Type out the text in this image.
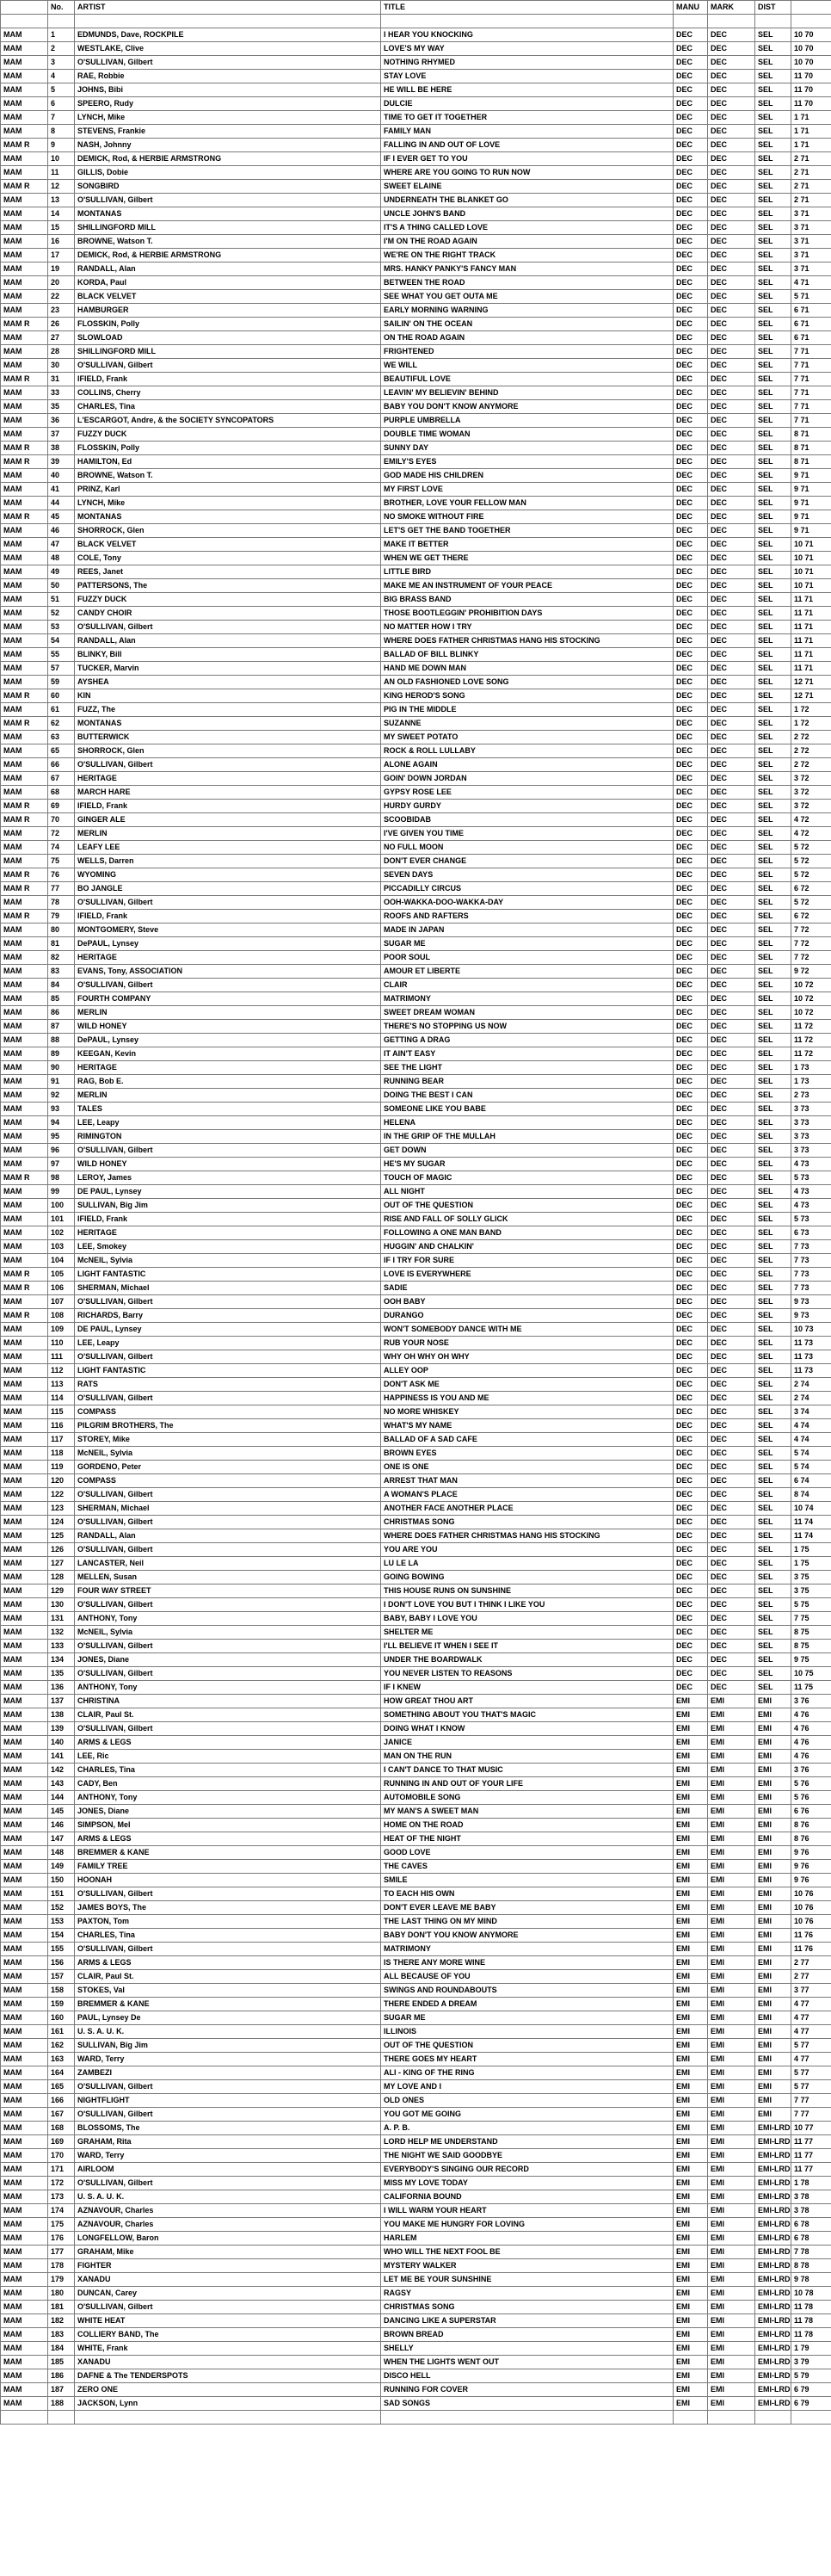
	No.	ARTIST	TITLE	MANU	MARK	DIST	

MAM	1	EDMUNDS, Dave, ROCKPILE	I HEAR YOU KNOCKING	DEC	DEC	SEL	10 70
MAM	2	WESTLAKE, Clive	LOVE'S MY WAY	DEC	DEC	SEL	10 70
MAM	3	O'SULLIVAN, Gilbert	NOTHING RHYMED	DEC	DEC	SEL	10 70
MAM	4	RAE, Robbie	STAY LOVE	DEC	DEC	SEL	11 70
MAM	5	JOHNS, Bibi	HE WILL BE HERE	DEC	DEC	SEL	11 70
MAM	6	SPEERO, Rudy	DULCIE	DEC	DEC	SEL	11 70
MAM	7	LYNCH, Mike	TIME TO GET IT TOGETHER	DEC	DEC	SEL	1 71
MAM	8	STEVENS, Frankie	FAMILY MAN	DEC	DEC	SEL	1 71
MAM R	9	NASH, Johnny	FALLING IN AND OUT OF LOVE	DEC	DEC	SEL	1 71
MAM	10	DEMICK, Rod, & HERBIE ARMSTRONG	IF I EVER GET TO YOU	DEC	DEC	SEL	2 71
MAM	11	GILLIS, Dobie	WHERE ARE YOU GOING TO RUN NOW	DEC	DEC	SEL	2 71
MAM R	12	SONGBIRD	SWEET ELAINE	DEC	DEC	SEL	2 71
MAM	13	O'SULLIVAN, Gilbert	UNDERNEATH THE BLANKET GO	DEC	DEC	SEL	2 71
MAM	14	MONTANAS	UNCLE JOHN'S BAND	DEC	DEC	SEL	3 71
MAM	15	SHILLINGFORD MILL	IT'S A THING CALLED LOVE	DEC	DEC	SEL	3 71
MAM	16	BROWNE, Watson T.	I'M ON THE ROAD AGAIN	DEC	DEC	SEL	3 71
MAM	17	DEMICK, Rod, & HERBIE ARMSTRONG	WE'RE ON THE RIGHT TRACK	DEC	DEC	SEL	3 71
MAM	19	RANDALL, Alan	MRS. HANKY PANKY'S FANCY MAN	DEC	DEC	SEL	3 71
MAM	20	KORDA, Paul	BETWEEN THE ROAD	DEC	DEC	SEL	4 71
MAM	22	BLACK VELVET	SEE WHAT YOU GET OUTA ME	DEC	DEC	SEL	5 71
MAM	23	HAMBURGER	EARLY MORNING WARNING	DEC	DEC	SEL	6 71
MAM R	26	FLOSSKIN, Polly	SAILIN' ON THE OCEAN	DEC	DEC	SEL	6 71
MAM	27	SLOWLOAD	ON THE ROAD AGAIN	DEC	DEC	SEL	6 71
MAM	28	SHILLINGFORD MILL	FRIGHTENED	DEC	DEC	SEL	7 71
MAM	30	O'SULLIVAN, Gilbert	WE WILL	DEC	DEC	SEL	7 71
MAM R	31	IFIELD, Frank	BEAUTIFUL LOVE	DEC	DEC	SEL	7 71
MAM	33	COLLINS, Cherry	LEAVIN' MY BELIEVIN' BEHIND	DEC	DEC	SEL	7 71
MAM	35	CHARLES, Tina	BABY YOU DON'T KNOW ANYMORE	DEC	DEC	SEL	7 71
MAM	36	L'ESCARGOT, Andre, & the SOCIETY SYNCOPATORS	PURPLE UMBRELLA	DEC	DEC	SEL	7 71
MAM	37	FUZZY DUCK	DOUBLE TIME WOMAN	DEC	DEC	SEL	8 71
MAM R	38	FLOSSKIN, Polly	SUNNY DAY	DEC	DEC	SEL	8 71
MAM R	39	HAMILTON, Ed	EMILY'S EYES	DEC	DEC	SEL	8 71
MAM	40	BROWNE, Watson T.	GOD MADE HIS CHILDREN	DEC	DEC	SEL	9 71
MAM	41	PRINZ, Karl	MY FIRST LOVE	DEC	DEC	SEL	9 71
MAM	44	LYNCH, Mike	BROTHER, LOVE YOUR FELLOW MAN	DEC	DEC	SEL	9 71
MAM R	45	MONTANAS	NO SMOKE WITHOUT FIRE	DEC	DEC	SEL	9 71
MAM	46	SHORROCK, Glen	LET'S GET THE BAND TOGETHER	DEC	DEC	SEL	9 71
MAM	47	BLACK VELVET	MAKE IT BETTER	DEC	DEC	SEL	10 71
MAM	48	COLE, Tony	WHEN WE GET THERE	DEC	DEC	SEL	10 71
MAM	49	REES, Janet	LITTLE BIRD	DEC	DEC	SEL	10 71
MAM	50	PATTERSONS, The	MAKE ME AN INSTRUMENT OF YOUR PEACE	DEC	DEC	SEL	10 71
MAM	51	FUZZY DUCK	BIG BRASS BAND	DEC	DEC	SEL	11 71
MAM	52	CANDY CHOIR	THOSE BOOTLEGGIN' PROHIBITION DAYS	DEC	DEC	SEL	11 71
MAM	53	O'SULLIVAN, Gilbert	NO MATTER HOW I TRY	DEC	DEC	SEL	11 71
MAM	54	RANDALL, Alan	WHERE DOES FATHER CHRISTMAS HANG HIS STOCKING	DEC	DEC	SEL	11 71
MAM	55	BLINKY, Bill	BALLAD OF BILL BLINKY	DEC	DEC	SEL	11 71
MAM	57	TUCKER, Marvin	HAND ME DOWN MAN	DEC	DEC	SEL	11 71
MAM	59	AYSHEA	AN OLD FASHIONED LOVE SONG	DEC	DEC	SEL	12 71
MAM R	60	KIN	KING HEROD'S SONG	DEC	DEC	SEL	12 71
MAM	61	FUZZ, The	PIG IN THE MIDDLE	DEC	DEC	SEL	1 72
MAM R	62	MONTANAS	SUZANNE	DEC	DEC	SEL	1 72
MAM	63	BUTTERWICK	MY SWEET POTATO	DEC	DEC	SEL	2 72
MAM	65	SHORROCK, Glen	ROCK & ROLL LULLABY	DEC	DEC	SEL	2 72
MAM	66	O'SULLIVAN, Gilbert	ALONE AGAIN	DEC	DEC	SEL	2 72
MAM	67	HERITAGE	GOIN' DOWN JORDAN	DEC	DEC	SEL	3 72
MAM	68	MARCH HARE	GYPSY ROSE LEE	DEC	DEC	SEL	3 72
MAM R	69	IFIELD, Frank	HURDY GURDY	DEC	DEC	SEL	3 72
MAM R	70	GINGER ALE	SCOOBIDAB	DEC	DEC	SEL	4 72
MAM	72	MERLIN	I'VE GIVEN YOU TIME	DEC	DEC	SEL	4 72
MAM	74	LEAFY LEE	NO FULL MOON	DEC	DEC	SEL	5 72
MAM	75	WELLS, Darren	DON'T EVER CHANGE	DEC	DEC	SEL	5 72
MAM R	76	WYOMING	SEVEN DAYS	DEC	DEC	SEL	5 72
MAM R	77	BO JANGLE	PICCADILLY CIRCUS	DEC	DEC	SEL	6 72
MAM	78	O'SULLIVAN, Gilbert	OOH-WAKKA-DOO-WAKKA-DAY	DEC	DEC	SEL	5 72
MAM R	79	IFIELD, Frank	ROOFS AND RAFTERS	DEC	DEC	SEL	6 72
MAM	80	MONTGOMERY, Steve	MADE IN JAPAN	DEC	DEC	SEL	7 72
MAM	81	DePAUL, Lynsey	SUGAR ME	DEC	DEC	SEL	7 72
MAM	82	HERITAGE	POOR SOUL	DEC	DEC	SEL	7 72
MAM	83	EVANS, Tony, ASSOCIATION	AMOUR ET LIBERTE	DEC	DEC	SEL	9 72
MAM	84	O'SULLIVAN, Gilbert	CLAIR	DEC	DEC	SEL	10 72
MAM	85	FOURTH COMPANY	MATRIMONY	DEC	DEC	SEL	10 72
MAM	86	MERLIN	SWEET DREAM WOMAN	DEC	DEC	SEL	10 72
MAM	87	WILD HONEY	THERE'S NO STOPPING US NOW	DEC	DEC	SEL	11 72
MAM	88	DePAUL, Lynsey	GETTING A DRAG	DEC	DEC	SEL	11 72
MAM	89	KEEGAN, Kevin	IT AIN'T EASY	DEC	DEC	SEL	11 72
MAM	90	HERITAGE	SEE THE LIGHT	DEC	DEC	SEL	1 73
MAM	91	RAG, Bob E.	RUNNING BEAR	DEC	DEC	SEL	1 73
MAM	92	MERLIN	DOING THE BEST I CAN	DEC	DEC	SEL	2 73
MAM	93	TALES	SOMEONE LIKE YOU BABE	DEC	DEC	SEL	3 73
MAM	94	LEE, Leapy	HELENA	DEC	DEC	SEL	3 73
MAM	95	RIMINGTON	IN THE GRIP OF THE MULLAH	DEC	DEC	SEL	3 73
MAM	96	O'SULLIVAN, Gilbert	GET DOWN	DEC	DEC	SEL	3 73
MAM	97	WILD HONEY	HE'S MY SUGAR	DEC	DEC	SEL	4 73
MAM R	98	LEROY, James	TOUCH OF MAGIC	DEC	DEC	SEL	5 73
MAM	99	DE PAUL, Lynsey	ALL NIGHT	DEC	DEC	SEL	4 73
MAM	100	SULLIVAN, Big Jim	OUT OF THE QUESTION	DEC	DEC	SEL	4 73
MAM	101	IFIELD, Frank	RISE AND FALL OF SOLLY GLICK	DEC	DEC	SEL	5 73
MAM	102	HERITAGE	FOLLOWING A ONE MAN BAND	DEC	DEC	SEL	6 73
MAM	103	LEE, Smokey	HUGGIN' AND CHALKIN'	DEC	DEC	SEL	7 73
MAM	104	McNEIL, Sylvia	IF I TRY FOR SURE	DEC	DEC	SEL	7 73
MAM R	105	LIGHT FANTASTIC	LOVE IS EVERYWHERE	DEC	DEC	SEL	7 73
MAM R	106	SHERMAN, Michael	SADIE	DEC	DEC	SEL	7 73
MAM	107	O'SULLIVAN, Gilbert	OOH BABY	DEC	DEC	SEL	9 73
MAM R	108	RICHARDS, Barry	DURANGO	DEC	DEC	SEL	9 73
MAM	109	DE PAUL, Lynsey	WON'T SOMEBODY DANCE WITH ME	DEC	DEC	SEL	10 73
MAM	110	LEE, Leapy	RUB YOUR NOSE	DEC	DEC	SEL	11 73
MAM	111	O'SULLIVAN, Gilbert	WHY OH WHY OH WHY	DEC	DEC	SEL	11 73
MAM	112	LIGHT FANTASTIC	ALLEY OOP	DEC	DEC	SEL	11 73
MAM	113	RATS	DON'T ASK ME	DEC	DEC	SEL	2 74
MAM	114	O'SULLIVAN, Gilbert	HAPPINESS IS YOU AND ME	DEC	DEC	SEL	2 74
MAM	115	COMPASS	NO MORE WHISKEY	DEC	DEC	SEL	3 74
MAM	116	PILGRIM BROTHERS, The	WHAT'S MY NAME	DEC	DEC	SEL	4 74
MAM	117	STOREY, Mike	BALLAD OF A SAD CAFE	DEC	DEC	SEL	4 74
MAM	118	McNEIL, Sylvia	BROWN EYES	DEC	DEC	SEL	5 74
MAM	119	GORDENO, Peter	ONE IS ONE	DEC	DEC	SEL	5 74
MAM	120	COMPASS	ARREST THAT MAN	DEC	DEC	SEL	6 74
MAM	122	O'SULLIVAN, Gilbert	A WOMAN'S PLACE	DEC	DEC	SEL	8 74
MAM	123	SHERMAN, Michael	ANOTHER FACE ANOTHER PLACE	DEC	DEC	SEL	10 74
MAM	124	O'SULLIVAN, Gilbert	CHRISTMAS SONG	DEC	DEC	SEL	11 74
MAM	125	RANDALL, Alan	WHERE DOES FATHER CHRISTMAS HANG HIS STOCKING	DEC	DEC	SEL	11 74
MAM	126	O'SULLIVAN, Gilbert	YOU ARE YOU	DEC	DEC	SEL	1 75
MAM	127	LANCASTER, Neil	LU LE LA	DEC	DEC	SEL	1 75
MAM	128	MELLEN, Susan	GOING BOWING	DEC	DEC	SEL	3 75
MAM	129	FOUR WAY STREET	THIS HOUSE RUNS ON SUNSHINE	DEC	DEC	SEL	3 75
MAM	130	O'SULLIVAN, Gilbert	I DON'T LOVE YOU BUT I THINK I LIKE YOU	DEC	DEC	SEL	5 75
MAM	131	ANTHONY, Tony	BABY, BABY I LOVE YOU	DEC	DEC	SEL	7 75
MAM	132	McNEIL, Sylvia	SHELTER ME	DEC	DEC	SEL	8 75
MAM	133	O'SULLIVAN, Gilbert	I'LL BELIEVE IT WHEN I SEE IT	DEC	DEC	SEL	8 75
MAM	134	JONES, Diane	UNDER THE BOARDWALK	DEC	DEC	SEL	9 75
MAM	135	O'SULLIVAN, Gilbert	YOU NEVER LISTEN TO REASONS	DEC	DEC	SEL	10 75
MAM	136	ANTHONY, Tony	IF I KNEW	DEC	DEC	SEL	11 75
MAM	137	CHRISTINA	HOW GREAT THOU ART	EMI	EMI	EMI	3 76
MAM	138	CLAIR, Paul St.	SOMETHING ABOUT YOU THAT'S MAGIC	EMI	EMI	EMI	4 76
MAM	139	O'SULLIVAN, Gilbert	DOING WHAT I KNOW	EMI	EMI	EMI	4 76
MAM	140	ARMS & LEGS	JANICE	EMI	EMI	EMI	4 76
MAM	141	LEE, Ric	MAN ON THE RUN	EMI	EMI	EMI	4 76
MAM	142	CHARLES, Tina	I CAN'T DANCE TO THAT MUSIC	EMI	EMI	EMI	3 76
MAM	143	CADY, Ben	RUNNING IN AND OUT OF YOUR LIFE	EMI	EMI	EMI	5 76
MAM	144	ANTHONY, Tony	AUTOMOBILE SONG	EMI	EMI	EMI	5 76
MAM	145	JONES, Diane	MY MAN'S A SWEET MAN	EMI	EMI	EMI	6 76
MAM	146	SIMPSON, Mel	HOME ON THE ROAD	EMI	EMI	EMI	8 76
MAM	147	ARMS & LEGS	HEAT OF THE NIGHT	EMI	EMI	EMI	8 76
MAM	148	BREMMER & KANE	GOOD LOVE	EMI	EMI	EMI	9 76
MAM	149	FAMILY TREE	THE CAVES	EMI	EMI	EMI	9 76
MAM	150	HOONAH	SMILE	EMI	EMI	EMI	9 76
MAM	151	O'SULLIVAN, Gilbert	TO EACH HIS OWN	EMI	EMI	EMI	10 76
MAM	152	JAMES BOYS, The	DON'T EVER LEAVE ME BABY	EMI	EMI	EMI	10 76
MAM	153	PAXTON, Tom	THE LAST THING ON MY MIND	EMI	EMI	EMI	10 76
MAM	154	CHARLES, Tina	BABY DON'T YOU KNOW ANYMORE	EMI	EMI	EMI	11 76
MAM	155	O'SULLIVAN, Gilbert	MATRIMONY	EMI	EMI	EMI	11 76
MAM	156	ARMS & LEGS	IS THERE ANY MORE WINE	EMI	EMI	EMI	2 77
MAM	157	CLAIR, Paul St.	ALL BECAUSE OF YOU	EMI	EMI	EMI	2 77
MAM	158	STOKES, Val	SWINGS AND ROUNDABOUTS	EMI	EMI	EMI	3 77
MAM	159	BREMMER & KANE	THERE ENDED A DREAM	EMI	EMI	EMI	4 77
MAM	160	PAUL, Lynsey De	SUGAR ME	EMI	EMI	EMI	4 77
MAM	161	U. S. A. U. K.	ILLINOIS	EMI	EMI	EMI	4 77
MAM	162	SULLIVAN, Big Jim	OUT OF THE QUESTION	EMI	EMI	EMI	5 77
MAM	163	WARD, Terry	THERE GOES MY HEART	EMI	EMI	EMI	4 77
MAM	164	ZAMBEZI	ALI - KING OF THE RING	EMI	EMI	EMI	5 77
MAM	165	O'SULLIVAN, Gilbert	MY LOVE AND I	EMI	EMI	EMI	5 77
MAM	166	NIGHTFLIGHT	OLD ONES	EMI	EMI	EMI	7 77
MAM	167	O'SULLIVAN, Gilbert	YOU GOT ME GOING	EMI	EMI	EMI	7 77
MAM	168	BLOSSOMS, The	A. P. B.	EMI	EMI	EMI-LRD	10 77
MAM	169	GRAHAM, Rita	LORD HELP ME UNDERSTAND	EMI	EMI	EMI-LRD	11 77
MAM	170	WARD, Terry	THE NIGHT WE SAID GOODBYE	EMI	EMI	EMI-LRD	11 77
MAM	171	AIRLOOM	EVERYBODY'S SINGING OUR RECORD	EMI	EMI	EMI-LRD	11 77
MAM	172	O'SULLIVAN, Gilbert	MISS MY LOVE TODAY	EMI	EMI	EMI-LRD	1 78
MAM	173	U. S. A. U. K.	CALIFORNIA BOUND	EMI	EMI	EMI-LRD	3 78
MAM	174	AZNAVOUR, Charles	I WILL WARM YOUR HEART	EMI	EMI	EMI-LRD	3 78
MAM	175	AZNAVOUR, Charles	YOU MAKE ME HUNGRY FOR LOVING	EMI	EMI	EMI-LRD	6 78
MAM	176	LONGFELLOW, Baron	HARLEM	EMI	EMI	EMI-LRD	6 78
MAM	177	GRAHAM, Mike	WHO WILL THE NEXT FOOL BE	EMI	EMI	EMI-LRD	7 78
MAM	178	FIGHTER	MYSTERY WALKER	EMI	EMI	EMI-LRD	8 78
MAM	179	XANADU	LET ME BE YOUR SUNSHINE	EMI	EMI	EMI-LRD	9 78
MAM	180	DUNCAN, Carey	RAGSY	EMI	EMI	EMI-LRD	10 78
MAM	181	O'SULLIVAN, Gilbert	CHRISTMAS SONG	EMI	EMI	EMI-LRD	11 78
MAM	182	WHITE HEAT	DANCING LIKE A SUPERSTAR	EMI	EMI	EMI-LRD	11 78
MAM	183	COLLIERY BAND, The	BROWN BREAD	EMI	EMI	EMI-LRD	11 78
MAM	184	WHITE, Frank	SHELLY	EMI	EMI	EMI-LRD	1 79
MAM	185	XANADU	WHEN THE LIGHTS WENT OUT	EMI	EMI	EMI-LRD	3 79
MAM	186	DAFNE & The TENDERSPOTS	DISCO HELL	EMI	EMI	EMI-LRD	5 79
MAM	187	ZERO ONE	RUNNING FOR COVER	EMI	EMI	EMI-LRD	6 79
MAM	188	JACKSON, Lynn	SAD SONGS	EMI	EMI	EMI-LRD	6 79
